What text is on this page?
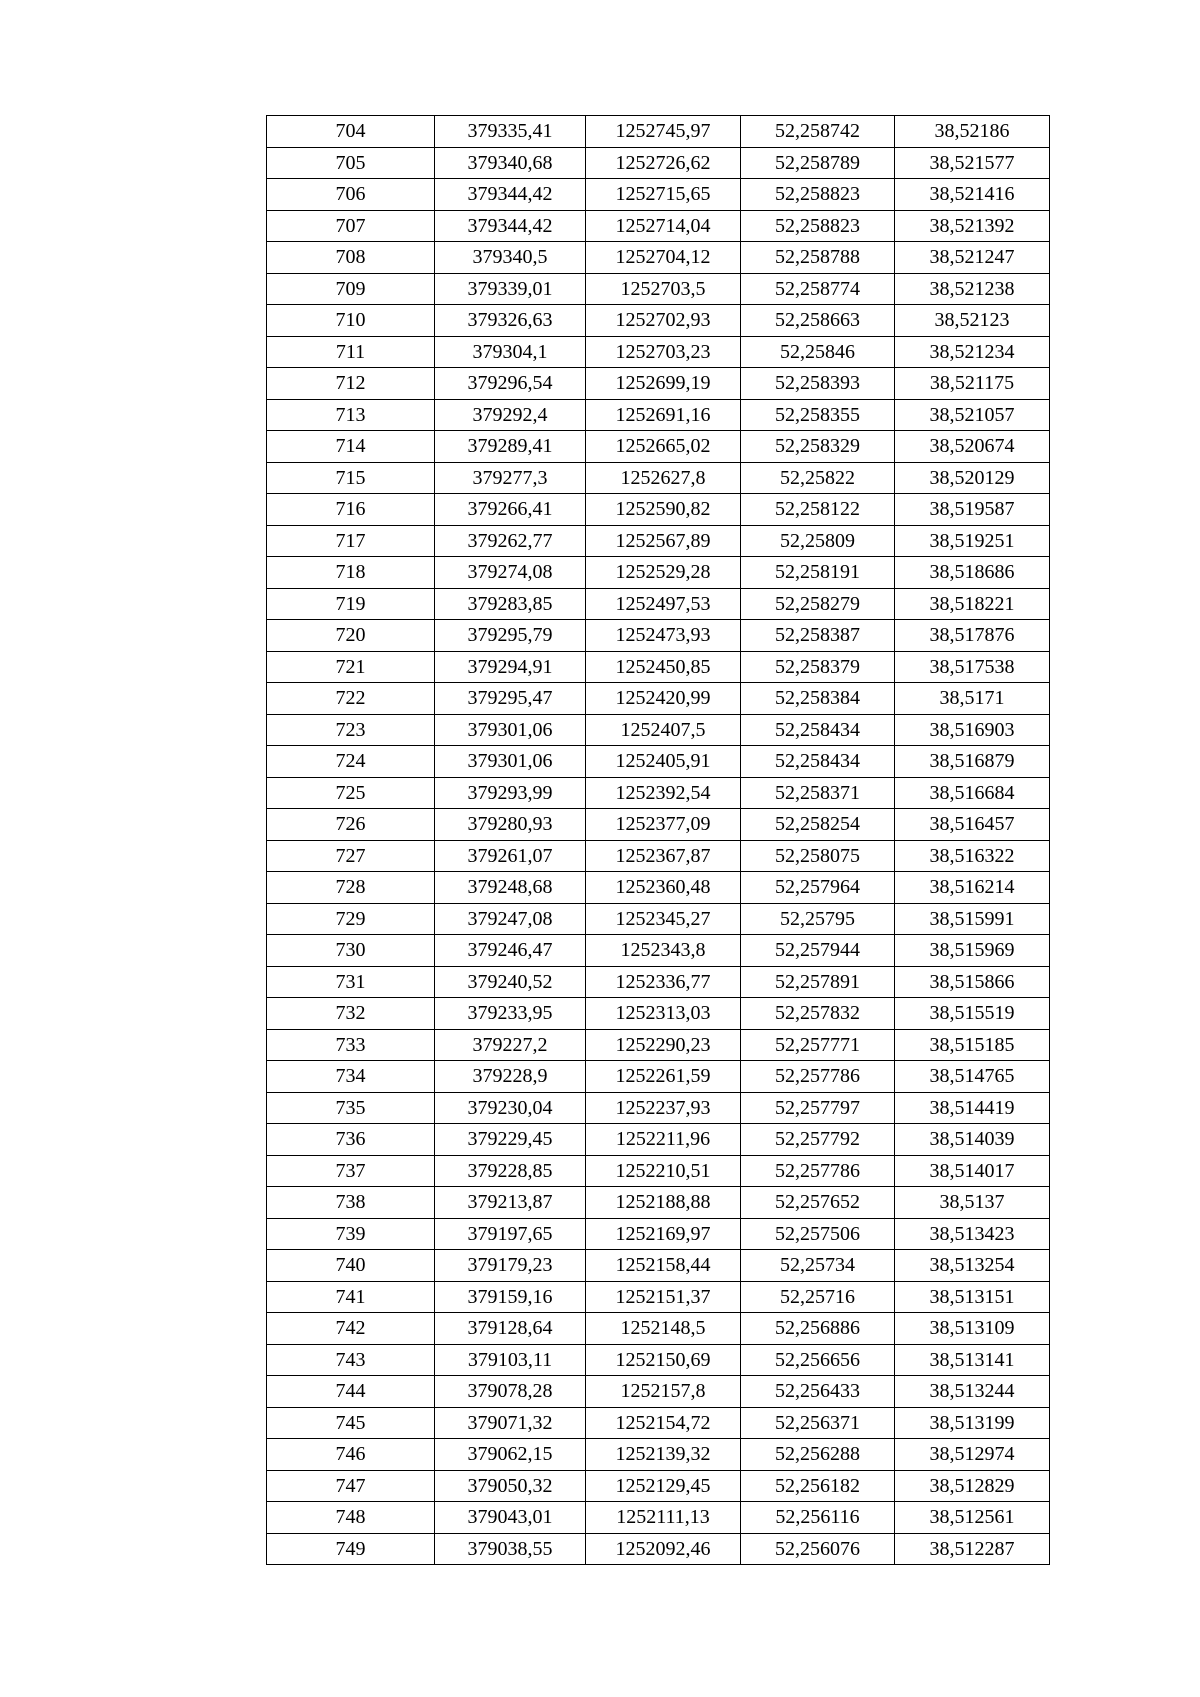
704	379335,41	1252745,97	52,258742	38,52186
705	379340,68	1252726,62	52,258789	38,521577
706	379344,42	1252715,65	52,258823	38,521416
707	379344,42	1252714,04	52,258823	38,521392
708	379340,5	1252704,12	52,258788	38,521247
709	379339,01	1252703,5	52,258774	38,521238
710	379326,63	1252702,93	52,258663	38,52123
711	379304,1	1252703,23	52,25846	38,521234
712	379296,54	1252699,19	52,258393	38,521175
713	379292,4	1252691,16	52,258355	38,521057
714	379289,41	1252665,02	52,258329	38,520674
715	379277,3	1252627,8	52,25822	38,520129
716	379266,41	1252590,82	52,258122	38,519587
717	379262,77	1252567,89	52,25809	38,519251
718	379274,08	1252529,28	52,258191	38,518686
719	379283,85	1252497,53	52,258279	38,518221
720	379295,79	1252473,93	52,258387	38,517876
721	379294,91	1252450,85	52,258379	38,517538
722	379295,47	1252420,99	52,258384	38,5171
723	379301,06	1252407,5	52,258434	38,516903
724	379301,06	1252405,91	52,258434	38,516879
725	379293,99	1252392,54	52,258371	38,516684
726	379280,93	1252377,09	52,258254	38,516457
727	379261,07	1252367,87	52,258075	38,516322
728	379248,68	1252360,48	52,257964	38,516214
729	379247,08	1252345,27	52,25795	38,515991
730	379246,47	1252343,8	52,257944	38,515969
731	379240,52	1252336,77	52,257891	38,515866
732	379233,95	1252313,03	52,257832	38,515519
733	379227,2	1252290,23	52,257771	38,515185
734	379228,9	1252261,59	52,257786	38,514765
735	379230,04	1252237,93	52,257797	38,514419
736	379229,45	1252211,96	52,257792	38,514039
737	379228,85	1252210,51	52,257786	38,514017
738	379213,87	1252188,88	52,257652	38,5137
739	379197,65	1252169,97	52,257506	38,513423
740	379179,23	1252158,44	52,25734	38,513254
741	379159,16	1252151,37	52,25716	38,513151
742	379128,64	1252148,5	52,256886	38,513109
743	379103,11	1252150,69	52,256656	38,513141
744	379078,28	1252157,8	52,256433	38,513244
745	379071,32	1252154,72	52,256371	38,513199
746	379062,15	1252139,32	52,256288	38,512974
747	379050,32	1252129,45	52,256182	38,512829
748	379043,01	1252111,13	52,256116	38,512561
749	379038,55	1252092,46	52,256076	38,512287
